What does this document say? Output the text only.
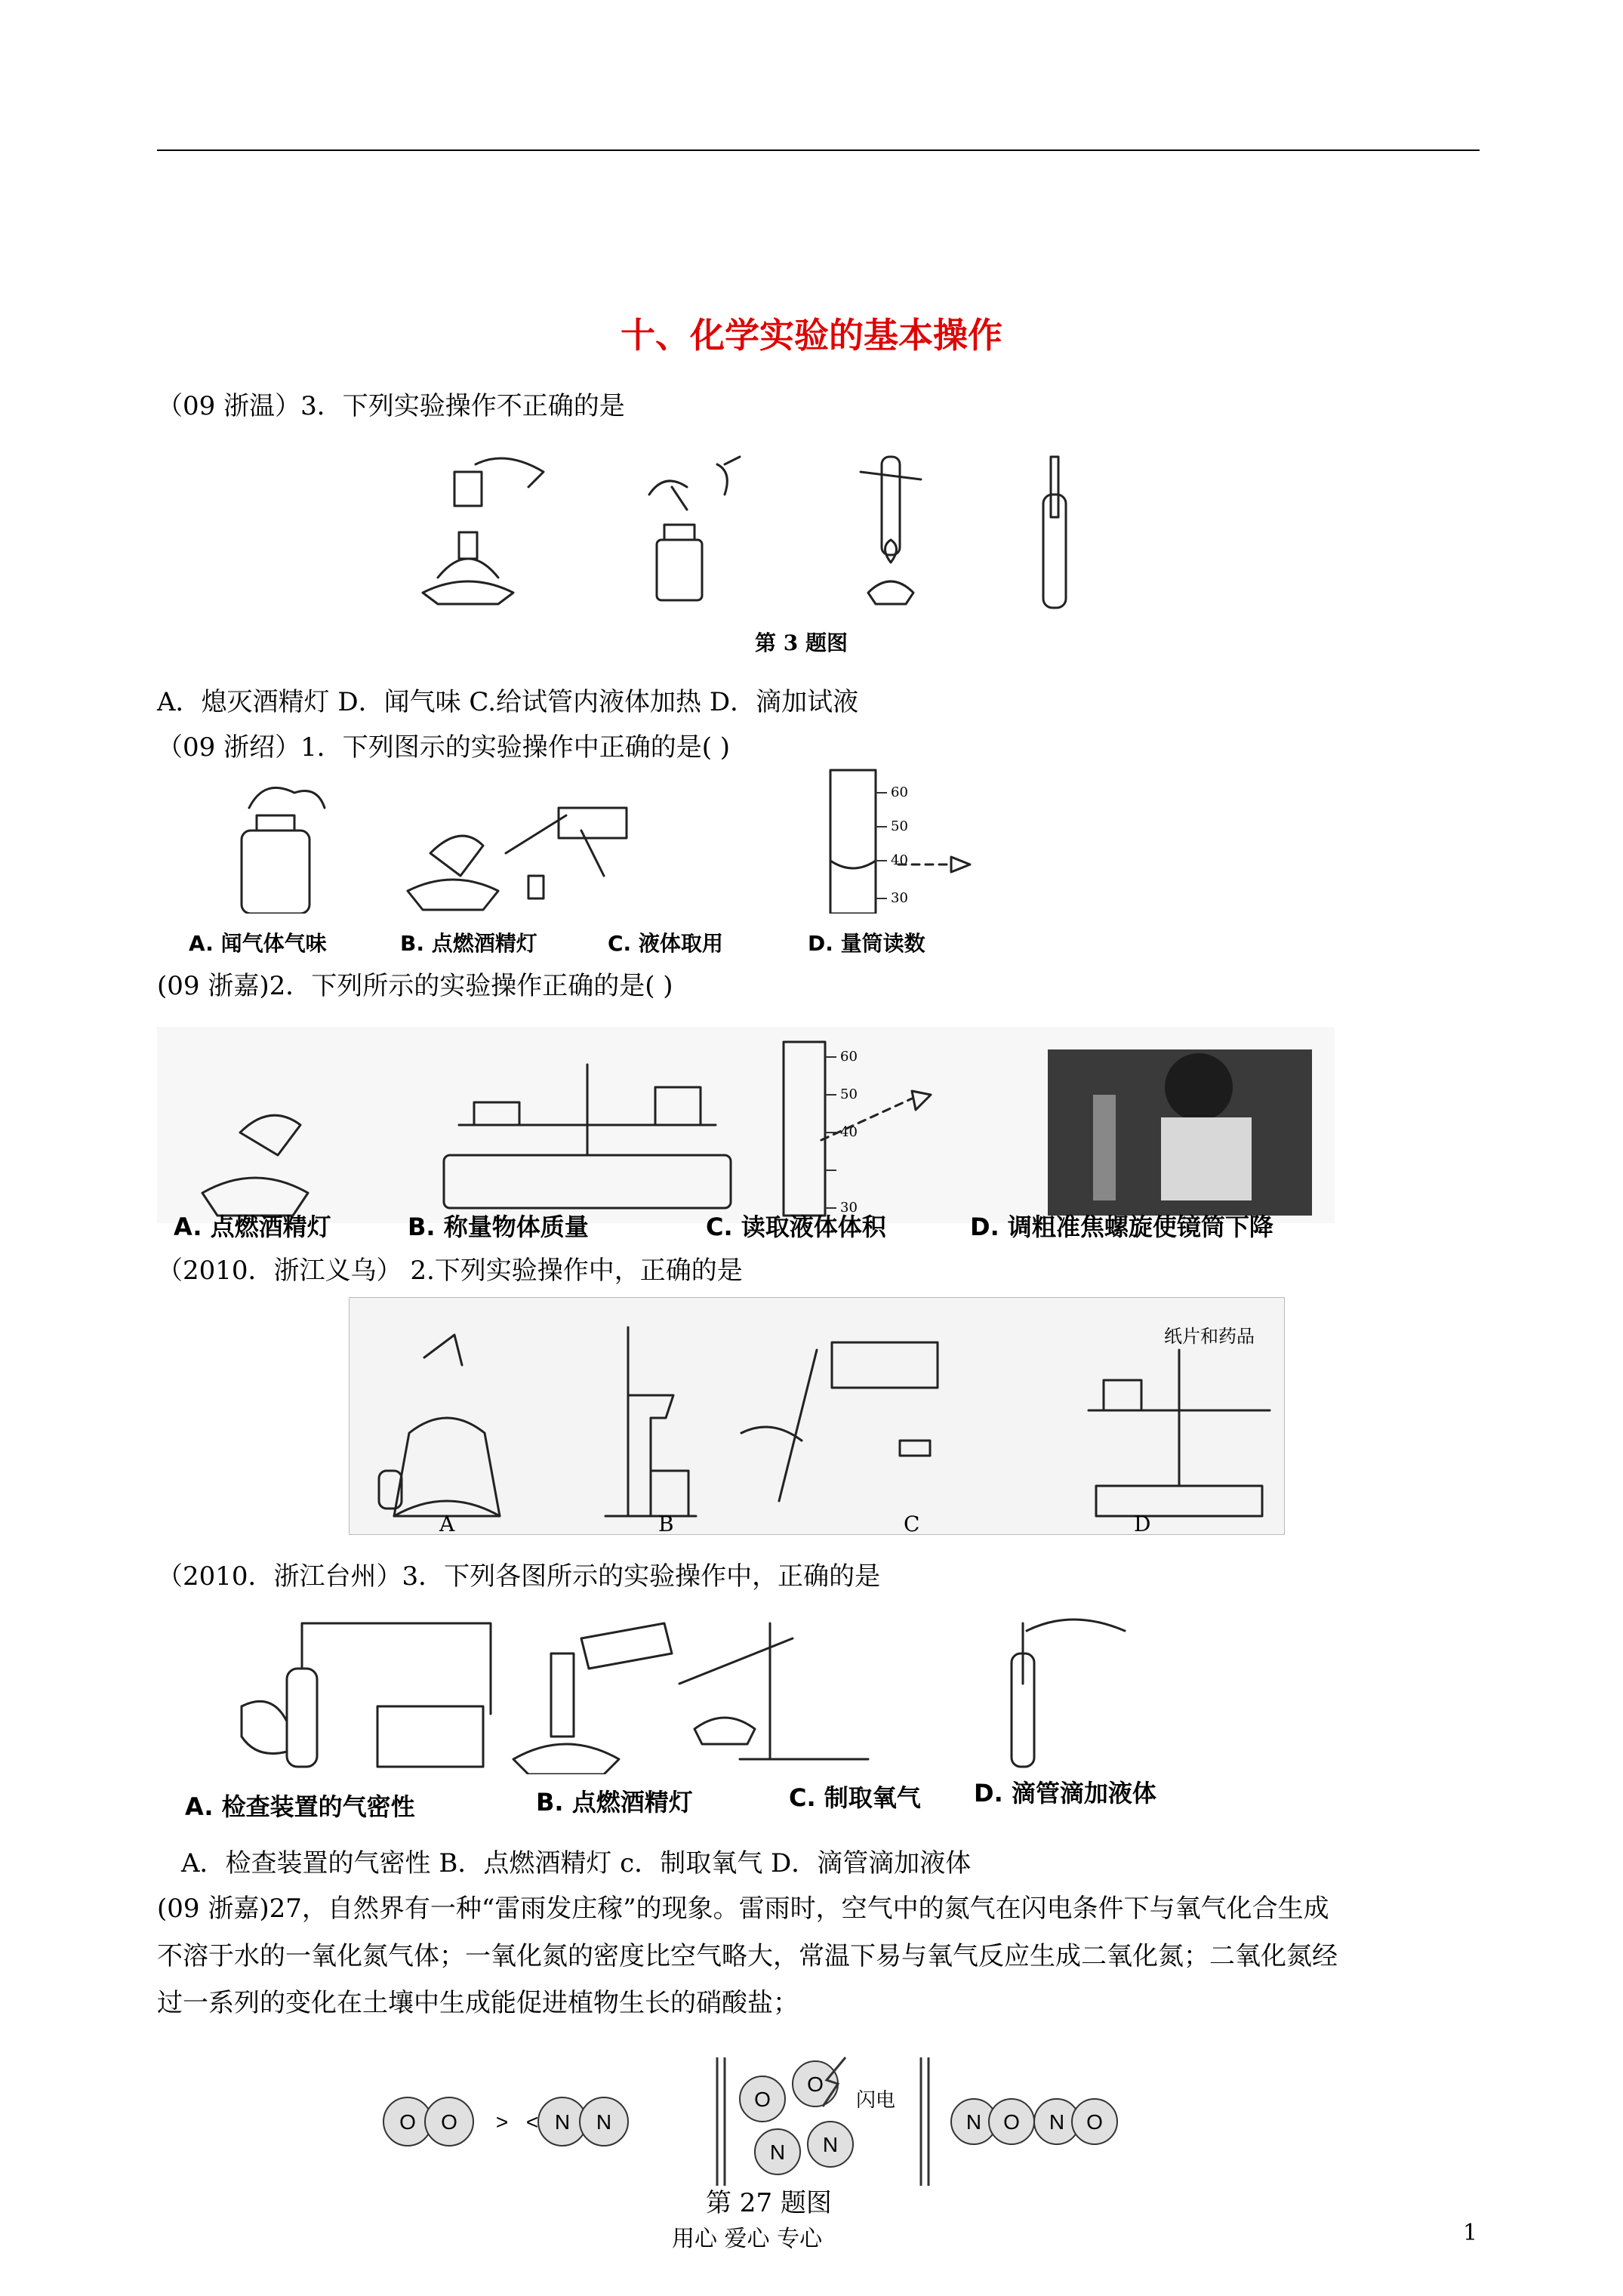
十、化学实验的基本操作
（09 浙温）3．下列实验操作不正确的是
第 3 题图
A．熄灭酒精灯 D．闻气味 C.给试管内液体加热 D．滴加试液
（09 浙绍）1．下列图示的实验操作中正确的是( )
60
50
40
30
A. 闻气体气味	B. 点燃酒精灯	C. 液体取用	D. 量筒读数
(09 浙嘉)2．下列所示的实验操作正确的是( )
60
50
40
30
A. 点燃酒精灯	B. 称量物体质量	C. 读取液体体积	D. 调粗准焦螺旋使镜筒下降
（2010．浙江义乌） 2.下列实验操作中，正确的是
A	B	C
纸片和药品
D
（2010．浙江台州）3．下列各图所示的实验操作中，正确的是
A. 检查装置的气密性	B. 点燃酒精灯	C. 制取氧气 D. 滴管滴加液体
A．检查装置的气密性 B．点燃酒精灯 c．制取氧气 D．滴管滴加液体
(09 浙嘉)27，自然界有一种“雷雨发庄稼”的现象。雷雨时，空气中的氮气在闪电条件下与氧气化合生成
不溶于水的一氧化氮气体；一氧化氮的密度比空气略大，常温下易与氧气反应生成二氧化氮；二氧化氮经
过一系列的变化在土壤中生成能促进植物生长的硝酸盐；
O O > < N N
O
O
N N
闪电
N O N O
第 27 题图
用心 爱心 专心	1
